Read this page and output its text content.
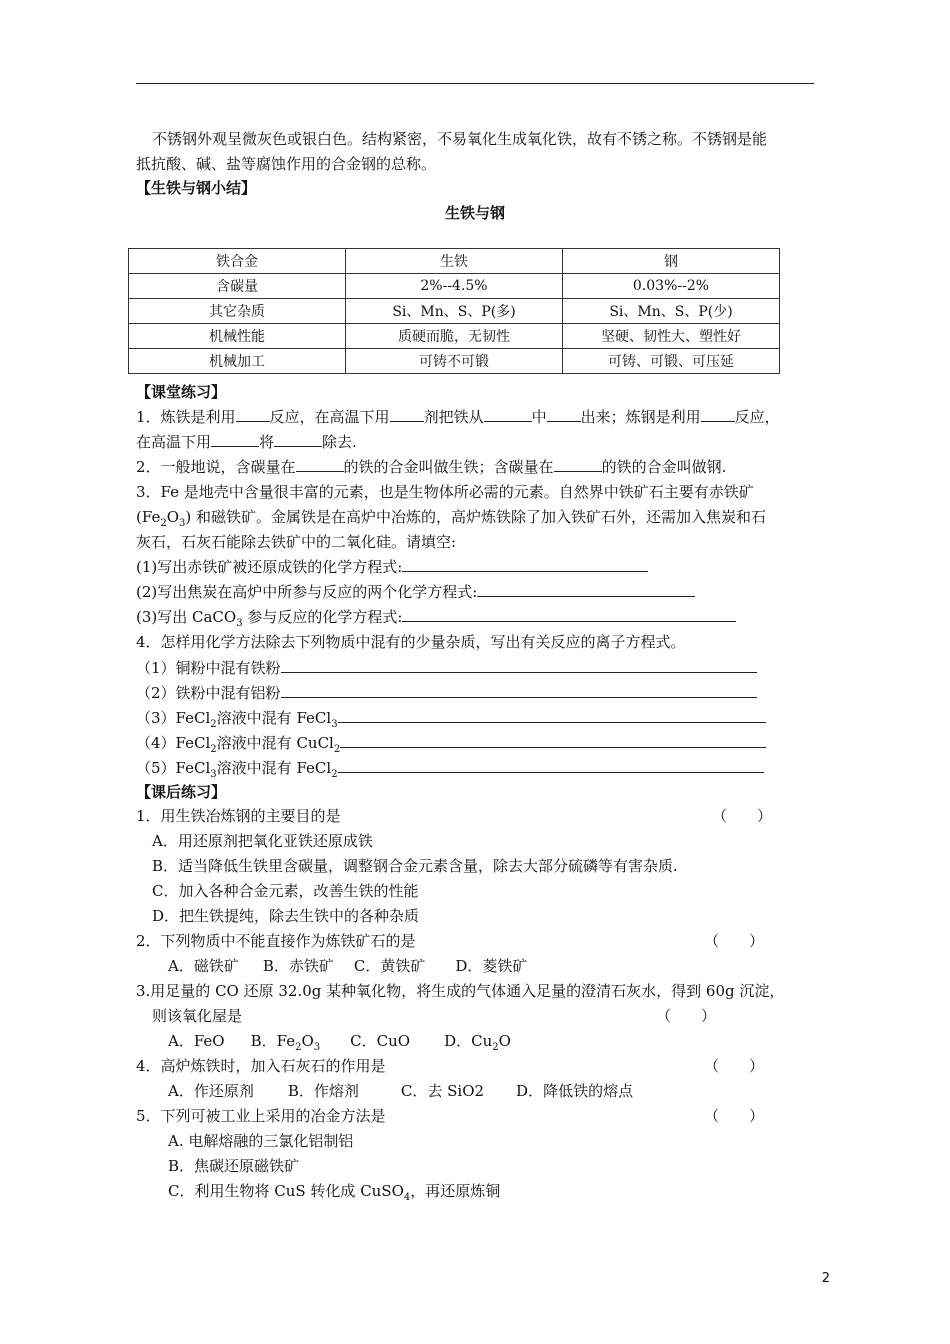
不锈钢外观呈微灰色或银白色。结构紧密，不易氧化生成氧化铁，故有不锈之称。不锈钢是能
抵抗酸、碱、盐等腐蚀作用的合金钢的总称。
【生铁与钢小结】
生铁与钢
铁合金	生铁	钢
含碳量	2%--4.5%	0.03%--2%
其它杂质	Si、Mn、S、P(多)	Si、Mn、S、P(少)
机械性能	质硬而脆，无韧性	坚硬、韧性大、塑性好
机械加工	可铸不可锻	可铸、可锻、可压延
【课堂练习】
1．炼铁是利用 反应，在高温下用 剂把铁从	中 出来；炼钢是利用 反应，
在高温下用	将	除去.
2．一般地说，含碳量在	的铁的合金叫做生铁；含碳量在	的铁的合金叫做钢.
3．Fe 是地壳中含量很丰富的元素，也是生物体所必需的元素。自然界中铁矿石主要有赤铁矿
$(Fe_2O_3)$ 和磁铁矿。金属铁是在高炉中冶炼的，高炉炼铁除了加入铁矿石外，还需加入焦炭和石
灰石，石灰石能除去铁矿中的二氧化硅。请填空:
(1)写出赤铁矿被还原成铁的化学方程式:
(2)写出焦炭在高炉中所参与反应的两个化学方程式:
(3)写出 CaCO$_3$ 参与反应的化学方程式:
4．怎样用化学方法除去下列物质中混有的少量杂质，写出有关反应的离子方程式。
（1）铜粉中混有铁粉
（2）铁粉中混有铝粉
（3）FeCl$_2$溶液中混有 FeCl$_3$
（4）FeCl$_2$溶液中混有 CuCl$_2$
（5）FeCl$_3$溶液中混有 FeCl$_2$
【课后练习】
1．用生铁冶炼钢的主要目的是	（　　）
A．用还原剂把氧化亚铁还原成铁
B．适当降低生铁里含碳量，调整钢合金元素含量，除去大部分硫磷等有害杂质.
C．加入各种合金元素，改善生铁的性能
D．把生铁提纯，除去生铁中的各种杂质
2．下列物质中不能直接作为炼铁矿石的是	（　　）
A．磁铁矿 B．赤铁矿 C．黄铁矿 D．菱铁矿
3.用足量的 CO 还原 32.0g 某种氧化物，将生成的气体通入足量的澄清石灰水，得到 60g 沉淀，
则该氧化屋是	（　　）
A．FeO B．$Fe_2O_3$ C．CuO D．$Cu_2O$
4．高炉炼铁时，加入石灰石的作用是	（　　）
A．作还原剂 B．作熔剂	C．去 SiO2 D．降低铁的熔点
5．下列可被工业上采用的冶金方法是	（　　）
A. 电解熔融的三氯化铝制铝
B．焦碳还原磁铁矿
C．利用生物将 CuS 转化成 CuSO$_4$，再还原炼铜
2
